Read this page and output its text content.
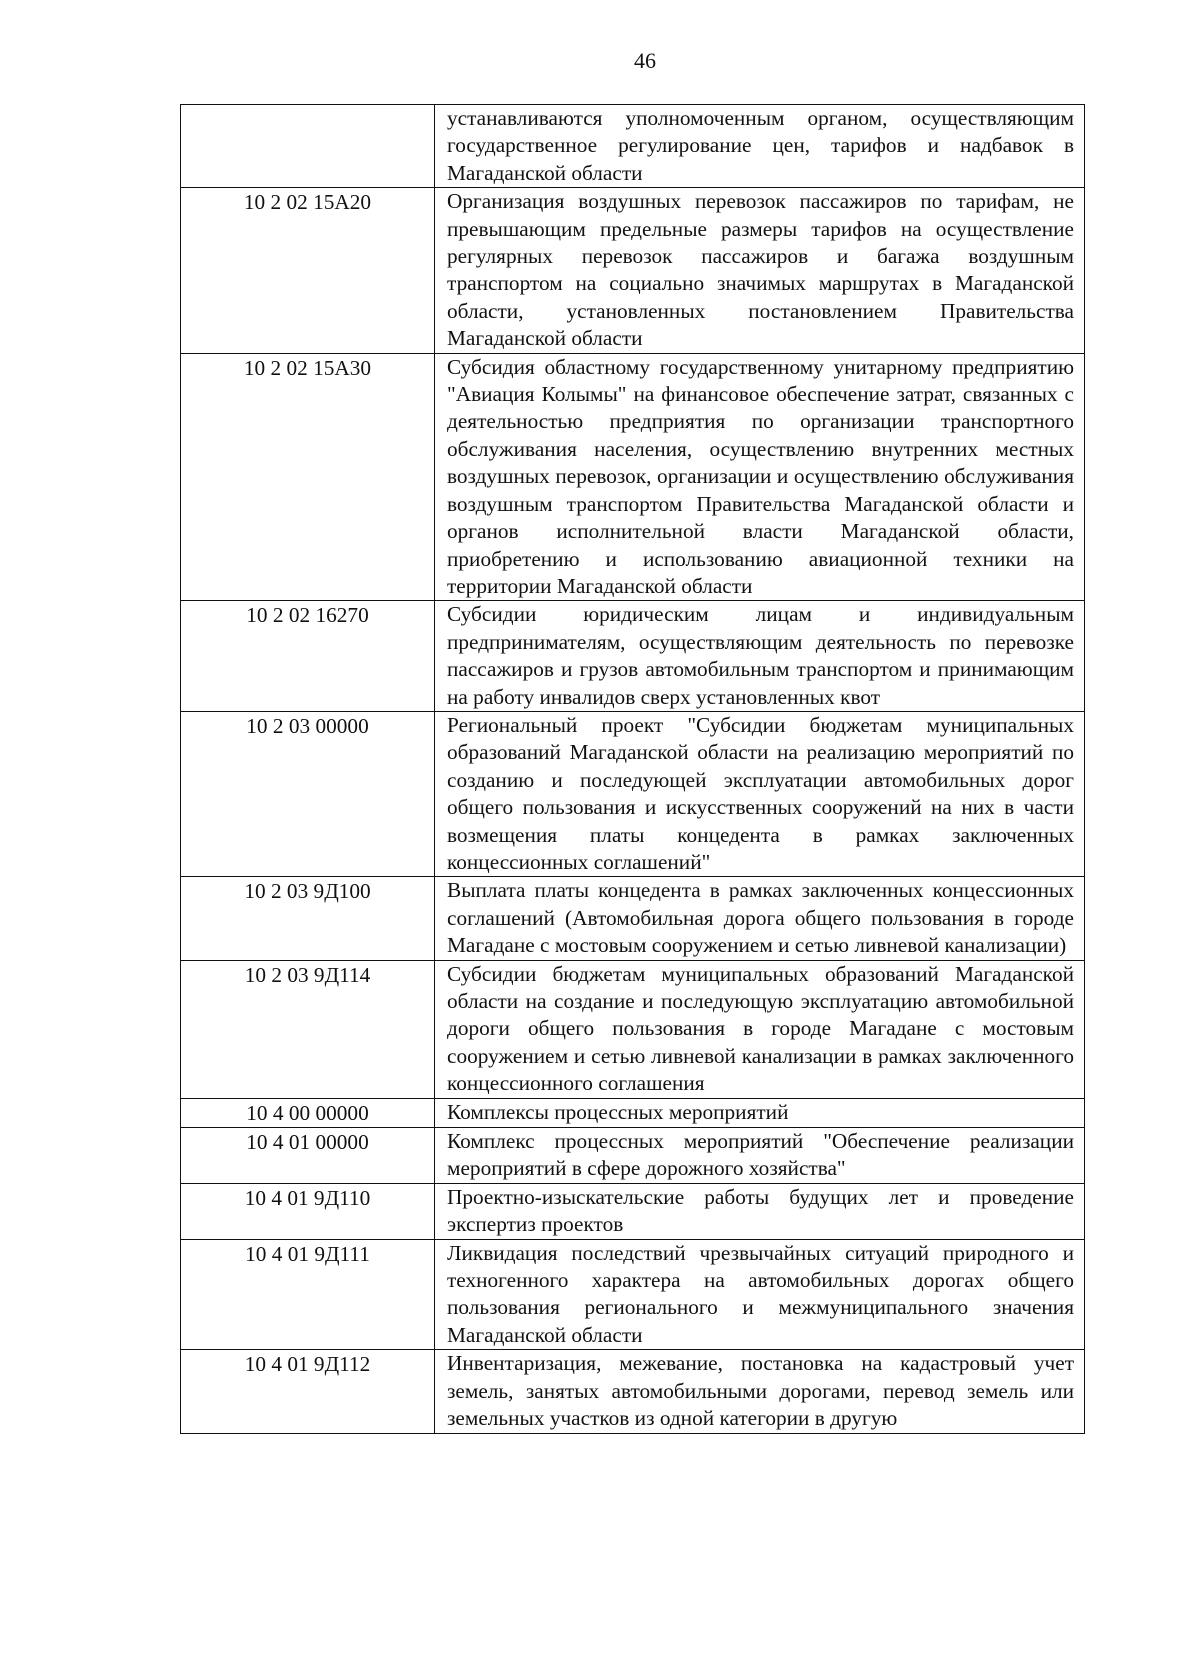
46

	устанавливаются уполномоченным органом, осуществляющим государственное регулирование цен, тарифов и надбавок в Магаданской области

10 2 02 15А20	Организация воздушных перевозок пассажиров по тарифам, не превышающим предельные размеры тарифов на осуществление регулярных перевозок пассажиров и багажа воздушным транспортом на социально значимых маршрутах в Магаданской области, установленных постановлением Правительства Магаданской области

10 2 02 15А30	Субсидия областному государственному унитарному предприятию "Авиация Колымы" на финансовое обеспечение затрат, связанных с деятельностью предприятия по организации транспортного обслуживания населения, осуществлению внутренних местных воздушных перевозок, организации и осуществлению обслуживания воздушным транспортом Правительства Магаданской области и органов исполнительной власти Магаданской области, приобретению и использованию авиационной техники на территории Магаданской области

10 2 02 16270	Субсидии юридическим лицам и индивидуальным предпринимателям, осуществляющим деятельность по перевозке пассажиров и грузов автомобильным транспортом и принимающим на работу инвалидов сверх установленных квот

10 2 03 00000	Региональный проект "Субсидии бюджетам муниципальных образований Магаданской области на реализацию мероприятий по созданию и последующей эксплуатации автомобильных дорог общего пользования и искусственных сооружений на них в части возмещения платы концедента в рамках заключенных концессионных соглашений"

10 2 03 9Д100	Выплата платы концедента в рамках заключенных концессионных соглашений (Автомобильная дорога общего пользования в городе Магадане с мостовым сооружением и сетью ливневой канализации)

10 2 03 9Д114	Субсидии бюджетам муниципальных образований Магаданской области на создание и последующую эксплуатацию автомобильной дороги общего пользования в городе Магадане с мостовым сооружением и сетью ливневой канализации в рамках заключенного концессионного соглашения

10 4 00 00000	Комплексы процессных мероприятий

10 4 01 00000	Комплекс процессных мероприятий "Обеспечение реализации мероприятий в сфере дорожного хозяйства"

10 4 01 9Д110	Проектно-изыскательские работы будущих лет и проведение экспертиз проектов

10 4 01 9Д111	Ликвидация последствий чрезвычайных ситуаций природного и техногенного характера на автомобильных дорогах общего пользования регионального и межмуниципального значения Магаданской области

10 4 01 9Д112	Инвентаризация, межевание, постановка на кадастровый учет земель, занятых автомобильными дорогами, перевод земель или земельных участков из одной категории в другую
